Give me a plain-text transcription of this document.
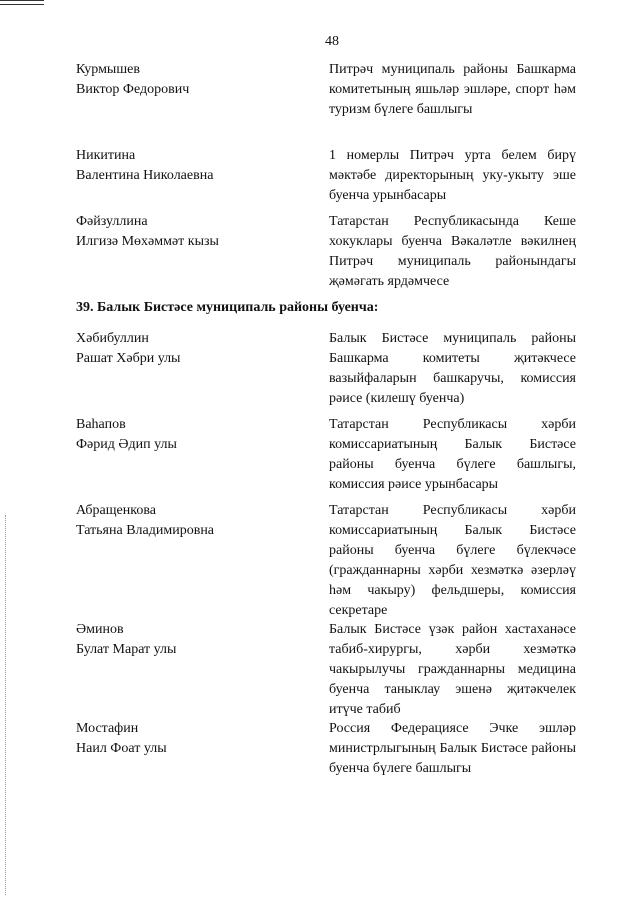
48
Курмышев
Виктор Федорович
Питрәч муниципаль районы Башкарма комитетының яшьләр эшләре, спорт һәм туризм бүлеге башлыгы
Никитина
Валентина Николаевна
1 номерлы Питрәч урта белем бирү мәктәбе директорының уку-укыту эше буенча урынбасары
Фәйзуллина
Илгизә Мөхәммәт кызы
Татарстан Республикасында Кеше хокуклары буенча Вәкаләтле вәкилнең Питрәч муниципаль районындагы җәмәгать ярдәмчесе
39. Балык Бистәсе муниципаль районы буенча:
Хәбибуллин
Рашат Хәбри улы
Балык Бистәсе муниципаль районы Башкарма комитеты җитәкчесе вазыйфаларын башкаручы, комиссия рәисе (килешү буенча)
Ваһапов
Фәрид Әдип улы
Татарстан Республикасы хәрби комиссариатының Балык Бистәсе районы буенча бүлеге башлыгы, комиссия рәисе урынбасары
Абращенкова
Татьяна Владимировна
Татарстан Республикасы хәрби комиссариатының Балык Бистәсе районы буенча бүлеге бүлекчәсе (гражданнарны хәрби хезмәткә әзерләү һәм чакыру) фельдшеры, комиссия секретаре
Әминов
Булат Марат улы
Балык Бистәсе үзәк район хастаханәсе табиб-хирургы, хәрби хезмәткә чакырылучы гражданнарны медицина буенча таныклау эшенә җитәкчелек итүче табиб
Мостафин
Наил Фоат улы
Россия Федерациясе Эчке эшләр министрлыгының Балык Бистәсе районы буенча бүлеге башлыгы
